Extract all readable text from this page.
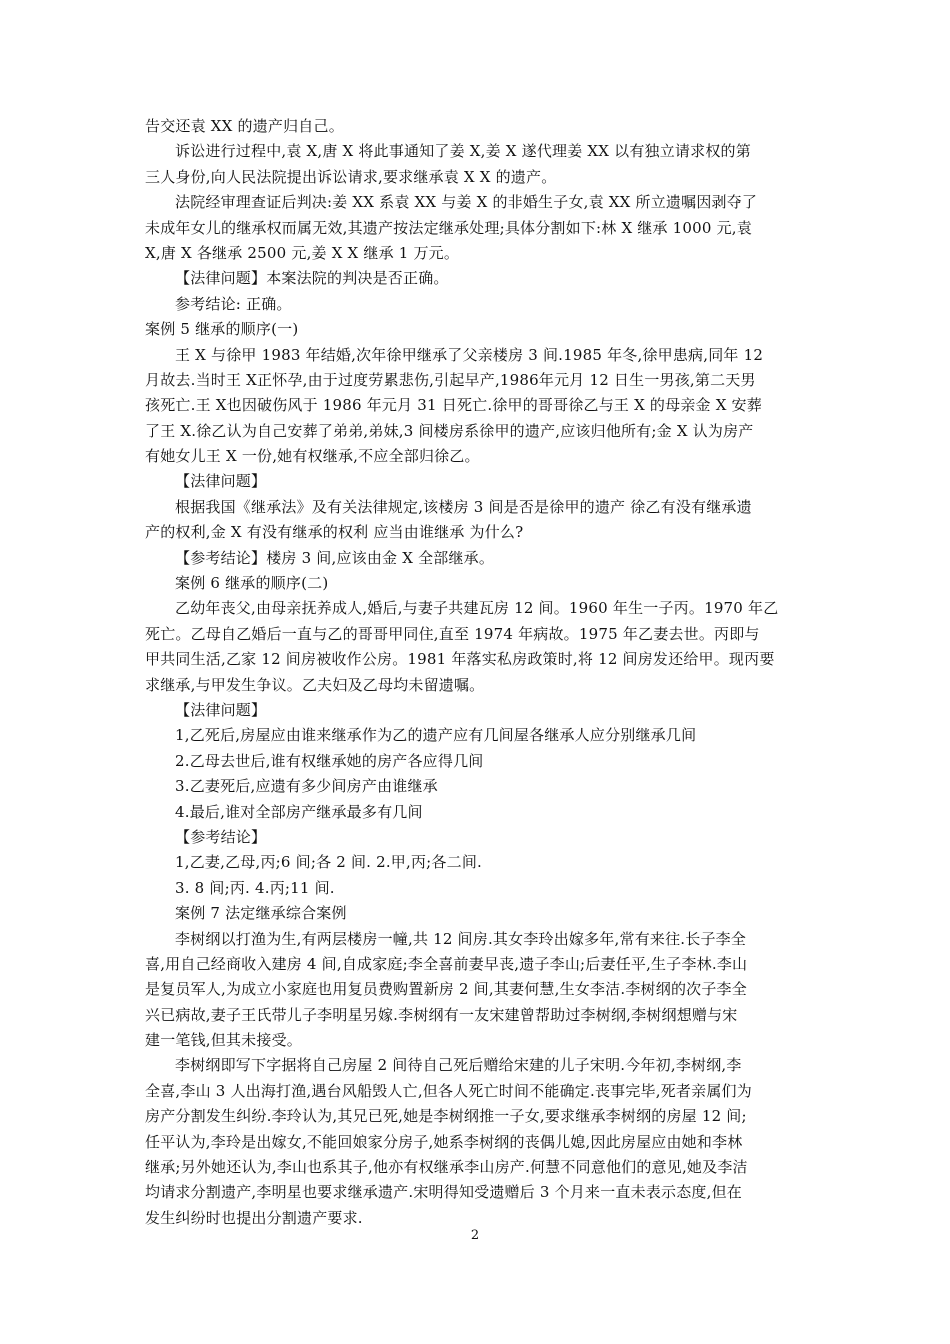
告交还袁 XX 的遗产归自己。
诉讼进行过程中,袁 X,唐 X 将此事通知了姜 X,姜 X 遂代理姜 XX 以有独立请求权的第
三人身份,向人民法院提出诉讼请求,要求继承袁 X X 的遗产。
法院经审理查证后判决:姜 XX 系袁 XX 与姜 X 的非婚生子女,袁 XX 所立遗嘱因剥夺了
未成年女儿的继承权而属无效,其遗产按法定继承处理;具体分割如下:林 X 继承 1000 元,袁
X,唐 X 各继承 2500 元,姜 X X 继承 1 万元。
【法律问题】本案法院的判决是否正确。
参考结论: 正确。
案例 5 继承的顺序(一)
王 X 与徐甲 1983 年结婚,次年徐甲继承了父亲楼房 3 间.1985 年冬,徐甲患病,同年 12
月故去.当时王 X正怀孕,由于过度劳累悲伤,引起早产,1986年元月 12 日生一男孩,第二天男
孩死亡.王 X也因破伤风于 1986 年元月 31 日死亡.徐甲的哥哥徐乙与王 X 的母亲金 X 安葬
了王 X.徐乙认为自己安葬了弟弟,弟妹,3 间楼房系徐甲的遗产,应该归他所有;金 X 认为房产
有她女儿王 X 一份,她有权继承,不应全部归徐乙。
【法律问题】
根据我国《继承法》及有关法律规定,该楼房 3 间是否是徐甲的遗产 徐乙有没有继承遗
产的权利,金 X 有没有继承的权利 应当由谁继承 为什么?
【参考结论】楼房 3 间,应该由金 X 全部继承。
案例 6 继承的顺序(二)
乙幼年丧父,由母亲抚养成人,婚后,与妻子共建瓦房 12 间。1960 年生一子丙。1970 年乙
死亡。乙母自乙婚后一直与乙的哥哥甲同住,直至 1974 年病故。1975 年乙妻去世。丙即与
甲共同生活,乙家 12 间房被收作公房。1981 年落实私房政策时,将 12 间房发还给甲。现丙要
求继承,与甲发生争议。乙夫妇及乙母均未留遗嘱。
【法律问题】
1,乙死后,房屋应由谁来继承作为乙的遗产应有几间屋各继承人应分别继承几间
2.乙母去世后,谁有权继承她的房产各应得几间
3.乙妻死后,应遗有多少间房产由谁继承
4.最后,谁对全部房产继承最多有几间
【参考结论】
1,乙妻,乙母,丙;6 间;各 2 间. 2.甲,丙;各二间.
3. 8 间;丙. 4.丙;11 间.
案例 7 法定继承综合案例
李树纲以打渔为生,有两层楼房一幢,共 12 间房.其女李玲出嫁多年,常有来往.长子李全
喜,用自己经商收入建房 4 间,自成家庭;李全喜前妻早丧,遗子李山;后妻任平,生子李林.李山
是复员军人,为成立小家庭也用复员费购置新房 2 间,其妻何慧,生女李洁.李树纲的次子李全
兴已病故,妻子王氏带儿子李明星另嫁.李树纲有一友宋建曾帮助过李树纲,李树纲想赠与宋
建一笔钱,但其未接受。
李树纲即写下字据将自己房屋 2 间待自己死后赠给宋建的儿子宋明.今年初,李树纲,李
全喜,李山 3 人出海打渔,遇台风船毁人亡,但各人死亡时间不能确定.丧事完毕,死者亲属们为
房产分割发生纠纷.李玲认为,其兄已死,她是李树纲推一子女,要求继承李树纲的房屋 12 间;
任平认为,李玲是出嫁女,不能回娘家分房子,她系李树纲的丧偶儿媳,因此房屋应由她和李林
继承;另外她还认为,李山也系其子,他亦有权继承李山房产.何慧不同意他们的意见,她及李洁
均请求分割遗产,李明星也要求继承遗产.宋明得知受遗赠后 3 个月来一直未表示态度,但在
发生纠纷时也提出分割遗产要求.
2
